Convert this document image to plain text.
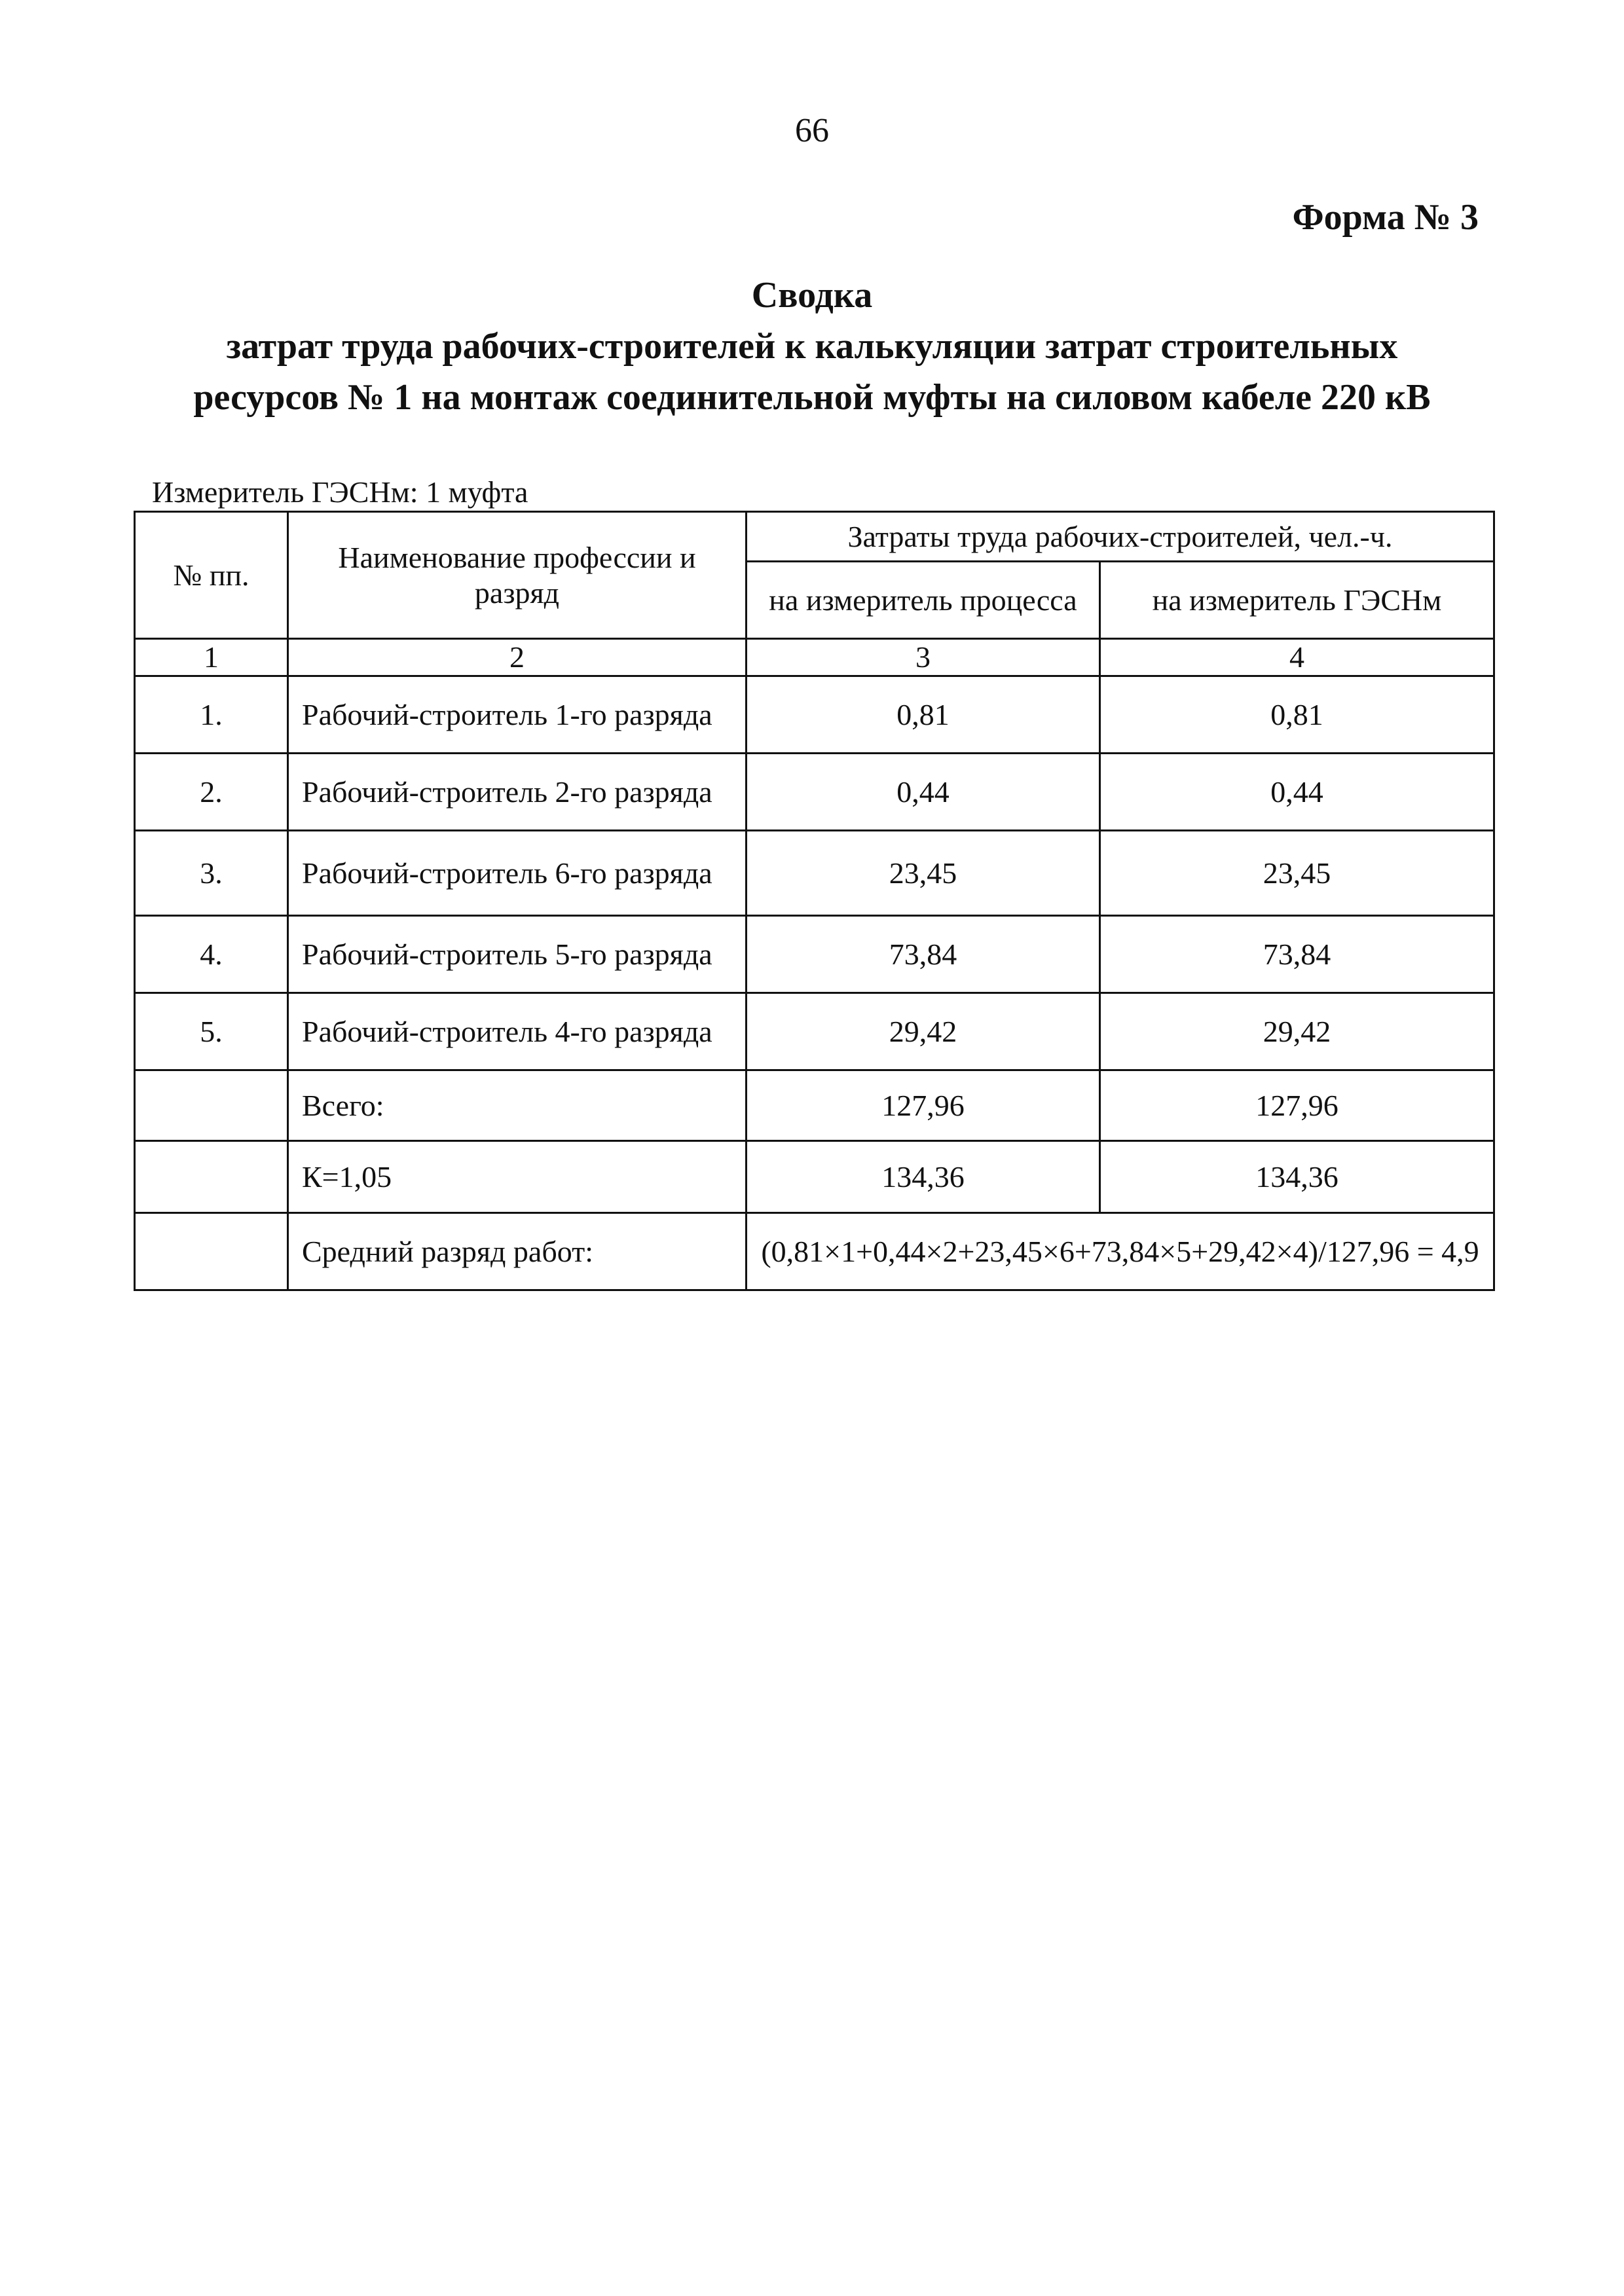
66
Форма № 3
Сводка
затрат труда рабочих-строителей к калькуляции затрат строительных
ресурсов № 1 на монтаж соединительной муфты на силовом кабеле 220 кВ
Измеритель ГЭСНм: 1 муфта
№ пп.	Наименование профессии и разряд	Затраты труда рабочих-строителей, чел.-ч.	
		на измеритель процесса	на измеритель ГЭСНм
1	2	3	4
1.	Рабочий-строитель 1-го разряда	0,81	0,81
2.	Рабочий-строитель 2-го разряда	0,44	0,44
3.	Рабочий-строитель 6-го разряда	23,45	23,45
4.	Рабочий-строитель 5-го разряда	73,84	73,84
5.	Рабочий-строитель 4-го разряда	29,42	29,42
	Всего:	127,96	127,96
	К=1,05	134,36	134,36
	Средний разряд работ:	(0,81×1+0,44×2+23,45×6+73,84×5+29,42×4)/127,96 = 4,9	
